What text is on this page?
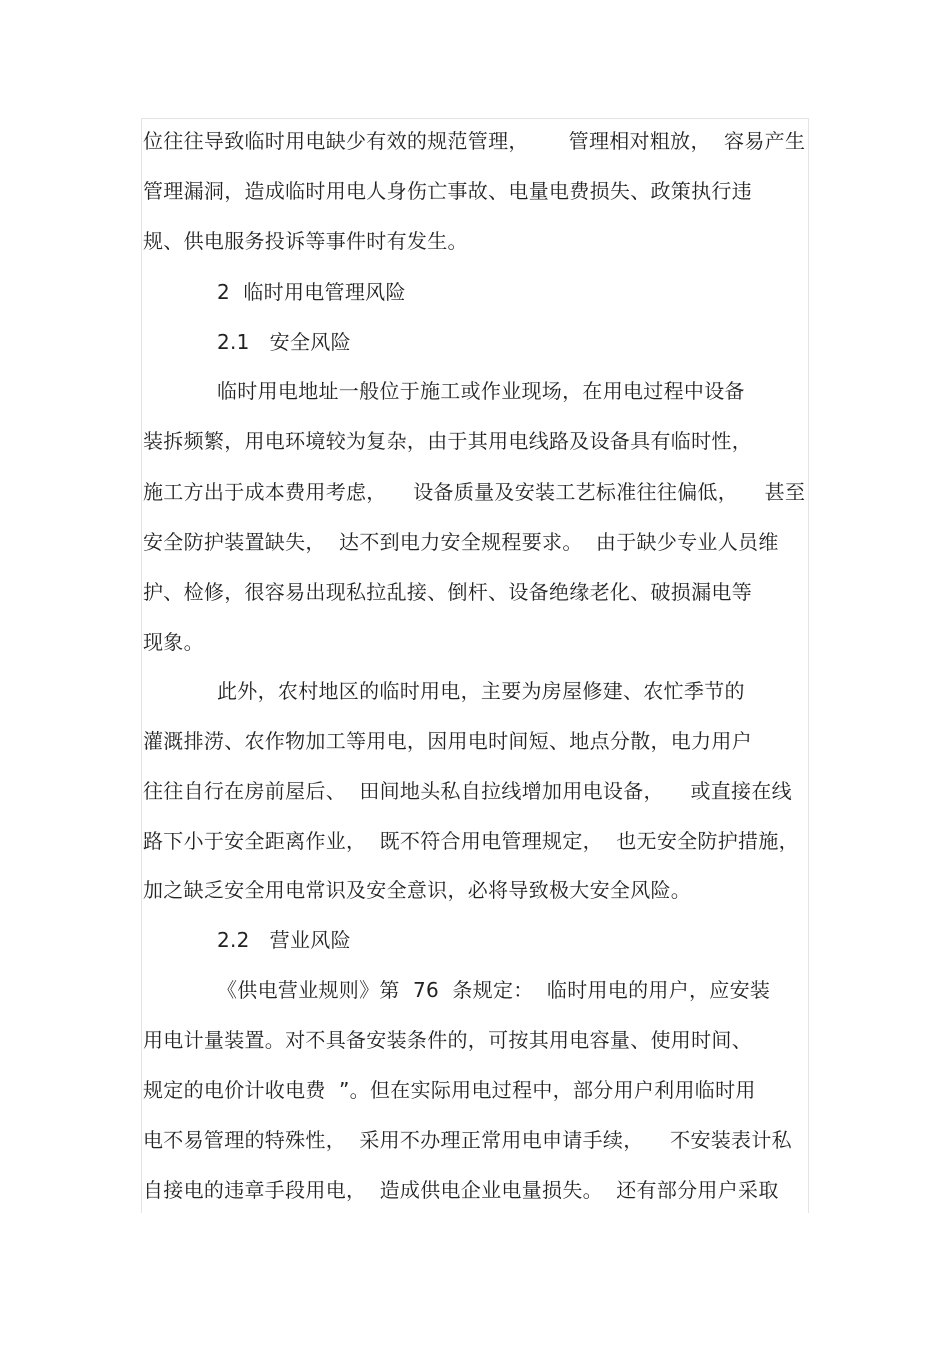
位往往导致临时用电缺少有效的规范管理，      管理相对粗放，  容易产生
管理漏洞，造成临时用电人身伤亡事故、电量电费损失、政策执行违
规、供电服务投诉等事件时有发生。
2  临时用电管理风险
2.1   安全风险
临时用电地址一般位于施工或作业现场，在用电过程中设备
装拆频繁，用电环境较为复杂，由于其用电线路及设备具有临时性，
施工方出于成本费用考虑，    设备质量及安装工艺标准往往偏低，    甚至
安全防护装置缺失，  达不到电力安全规程要求。  由于缺少专业人员维
护、检修，很容易出现私拉乱接、倒杆、设备绝缘老化、破损漏电等
现象。
此外，农村地区的临时用电，主要为房屋修建、农忙季节的
灌溉排涝、农作物加工等用电，因用电时间短、地点分散，电力用户
往往自行在房前屋后、  田间地头私自拉线增加用电设备，    或直接在线
路下小于安全距离作业，  既不符合用电管理规定，  也无安全防护措施，
加之缺乏安全用电常识及安全意识，必将导致极大安全风险。
2.2   营业风险
《供电营业规则》第  76  条规定：  临时用电的用户，应安装
用电计量装置。对不具备安装条件的，可按其用电容量、使用时间、
规定的电价计收电费  ”。但在实际用电过程中，部分用户利用临时用
电不易管理的特殊性，  采用不办理正常用电申请手续，    不安装表计私
自接电的违章手段用电，  造成供电企业电量损失。  还有部分用户采取
